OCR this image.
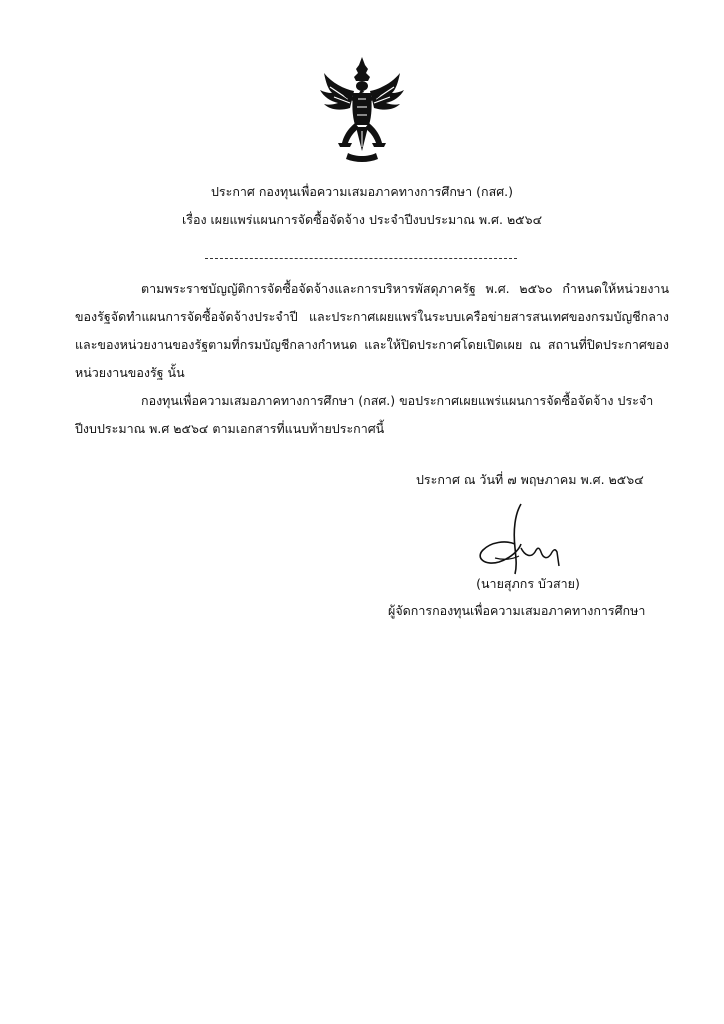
ประกาศ กองทุนเพื่อความเสมอภาคทางการศึกษา (กสศ.)
เรื่อง เผยแพร่แผนการจัดซื้อจัดจ้าง ประจำปีงบประมาณ พ.ศ. ๒๕๖๔
ตามพระราชบัญญัติการจัดซื้อจัดจ้างและการบริหารพัสดุภาครัฐ พ.ศ. ๒๕๖๐ กำหนดให้หน่วยงานของรัฐจัดทำแผนการจัดซื้อจัดจ้างประจำปี และประกาศเผยแพร่ในระบบเครือข่ายสารสนเทศของกรมบัญชีกลางและของหน่วยงานของรัฐตามที่กรมบัญชีกลางกำหนด และให้ปิดประกาศโดยเปิดเผย ณ สถานที่ปิดประกาศของหน่วยงานของรัฐ นั้น
กองทุนเพื่อความเสมอภาคทางการศึกษา (กสศ.) ขอประกาศเผยแพร่แผนการจัดซื้อจัดจ้าง ประจำปีงบประมาณ พ.ศ ๒๕๖๔ ตามเอกสารที่แนบท้ายประกาศนี้
ประกาศ ณ วันที่ ๗ พฤษภาคม พ.ศ. ๒๕๖๔
(นายสุภกร บัวสาย)
ผู้จัดการกองทุนเพื่อความเสมอภาคทางการศึกษา
